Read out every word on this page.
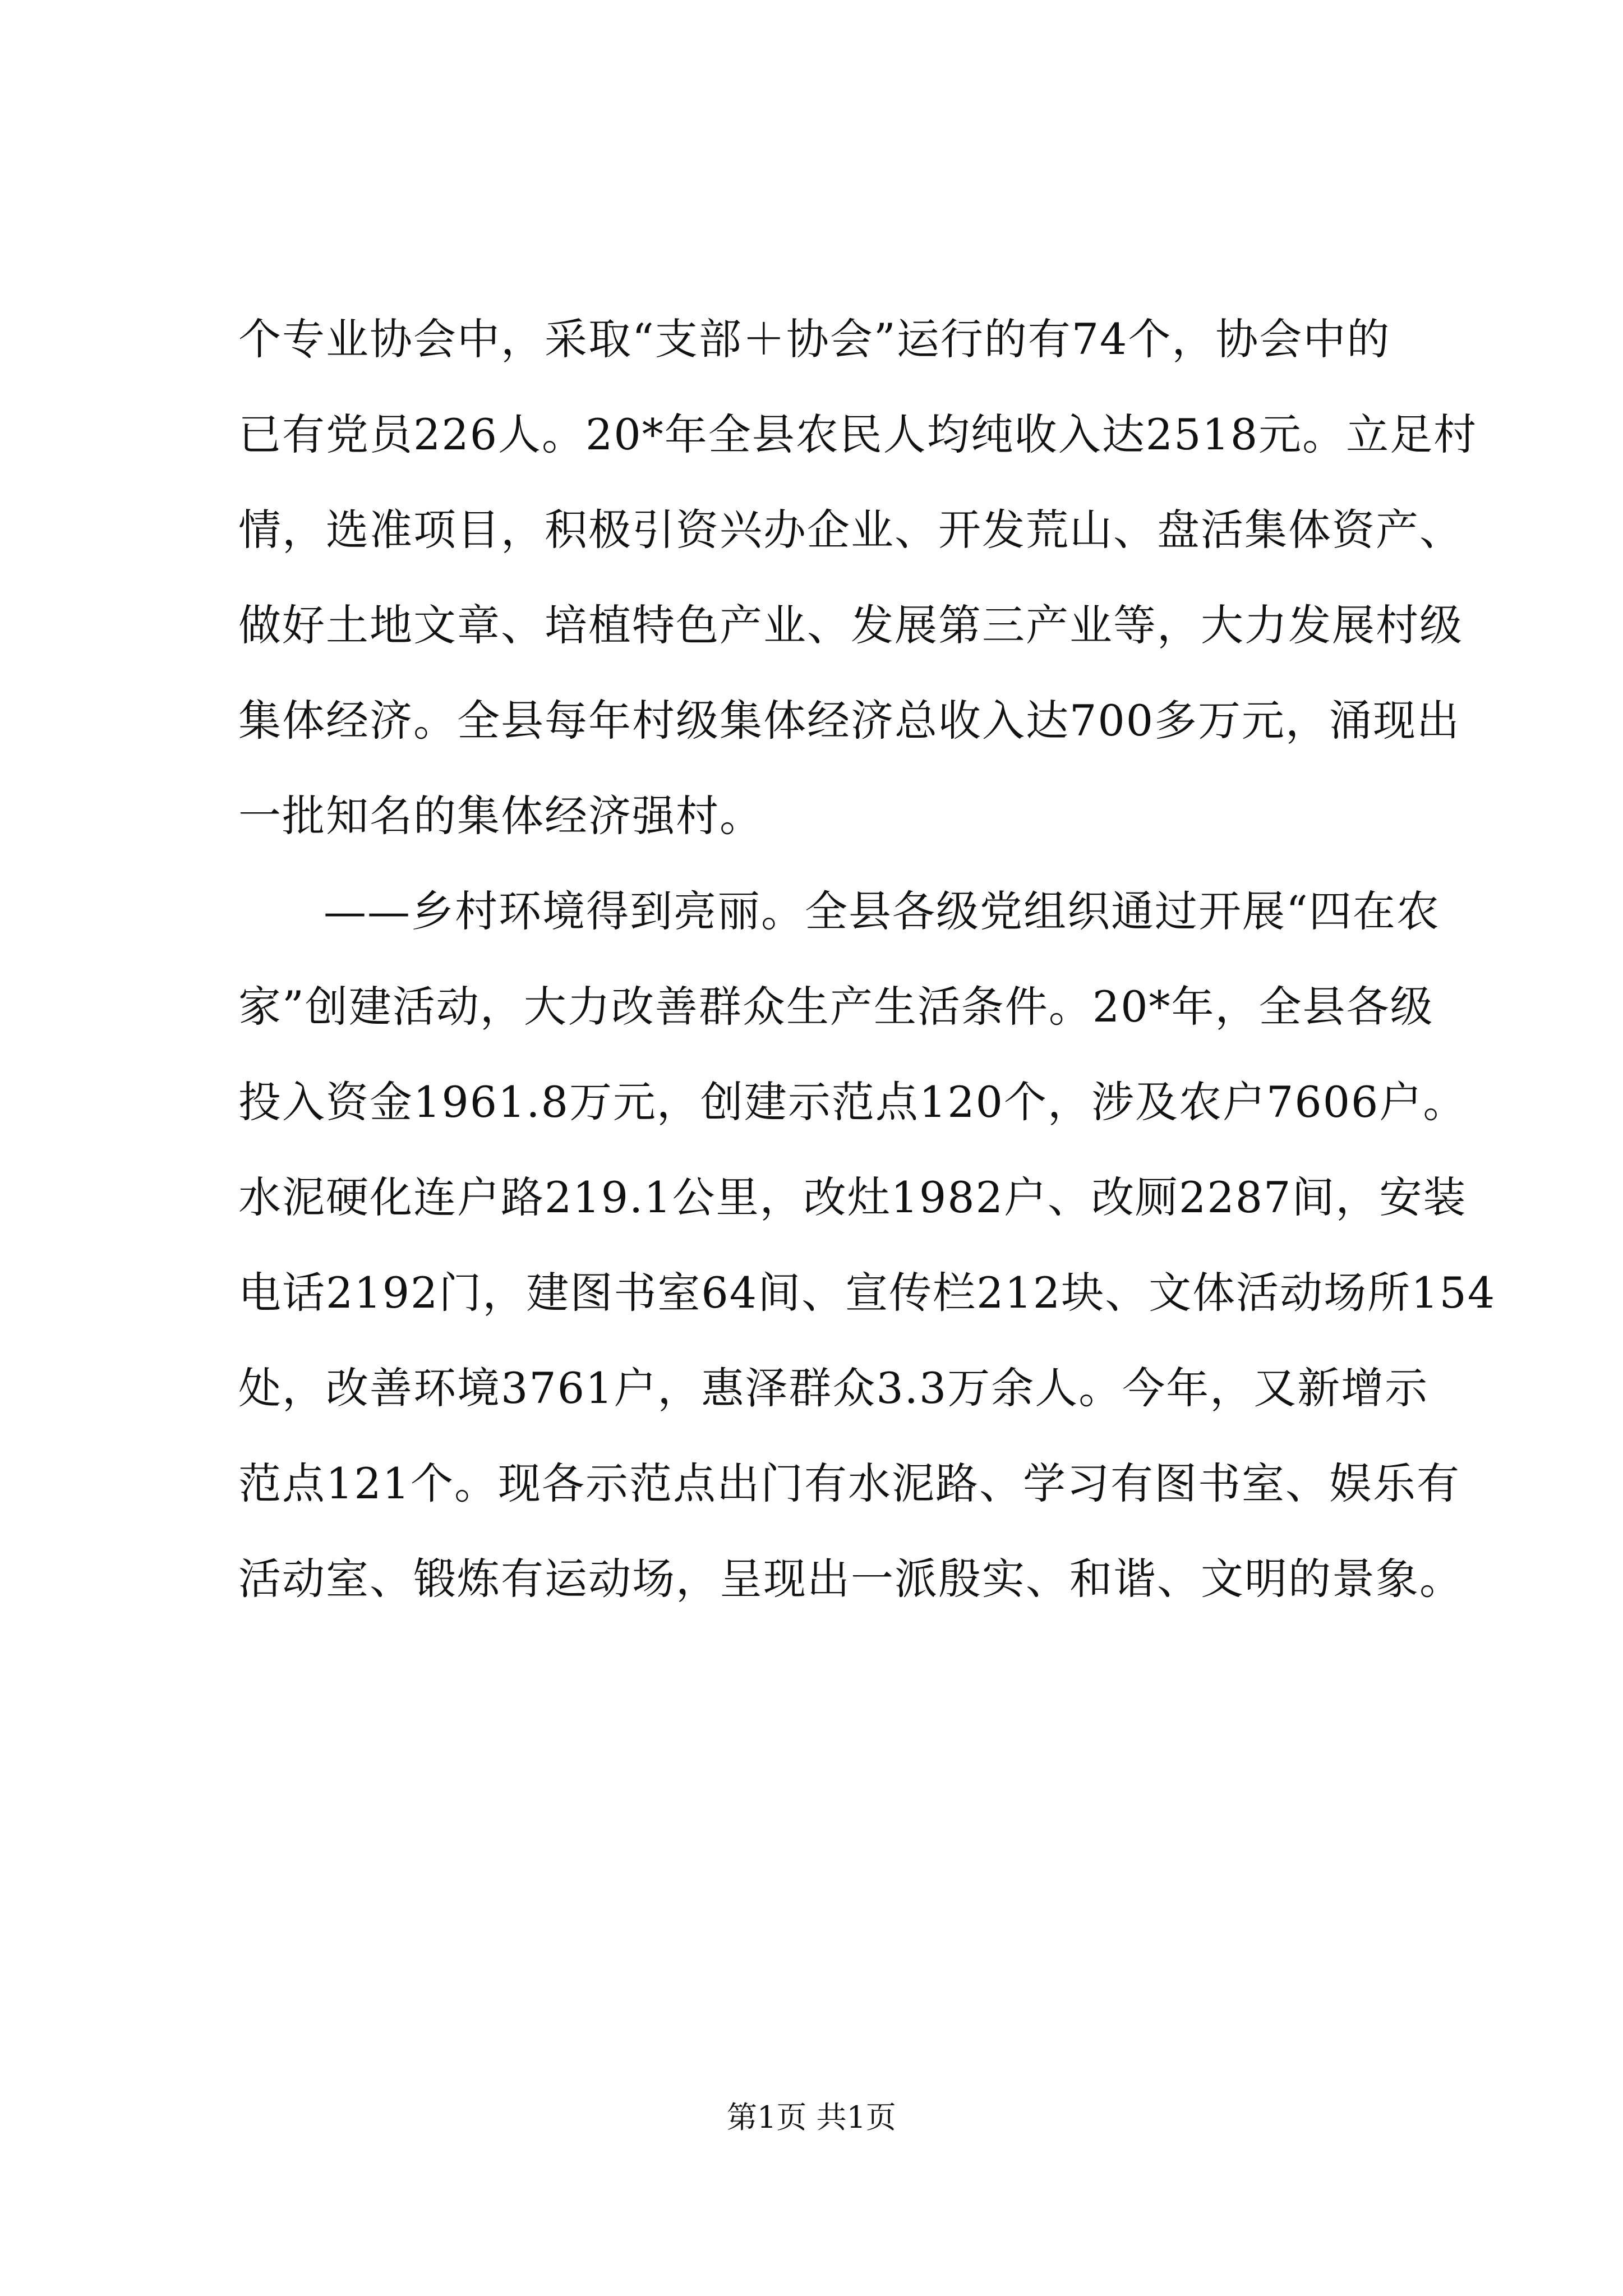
个专业协会中，采取“支部＋协会”运行的有74个，协会中的
已有党员226人。20*年全县农民人均纯收入达2518元。立足村
情，选准项目，积极引资兴办企业、开发荒山、盘活集体资产、
做好土地文章、培植特色产业、发展第三产业等，大力发展村级
集体经济。全县每年村级集体经济总收入达700多万元，涌现出
一批知名的集体经济强村。
——乡村环境得到亮丽。全县各级党组织通过开展“四在农
家”创建活动，大力改善群众生产生活条件。20*年，全县各级
投入资金1961.8万元，创建示范点120个，涉及农户7606户。
水泥硬化连户路219.1公里，改灶1982户、改厕2287间，安装
电话2192门，建图书室64间、宣传栏212块、文体活动场所154
处，改善环境3761户，惠泽群众3.3万余人。今年，又新增示
范点121个。现各示范点出门有水泥路、学习有图书室、娱乐有
活动室、锻炼有运动场，呈现出一派殷实、和谐、文明的景象。
第1页 共1页
